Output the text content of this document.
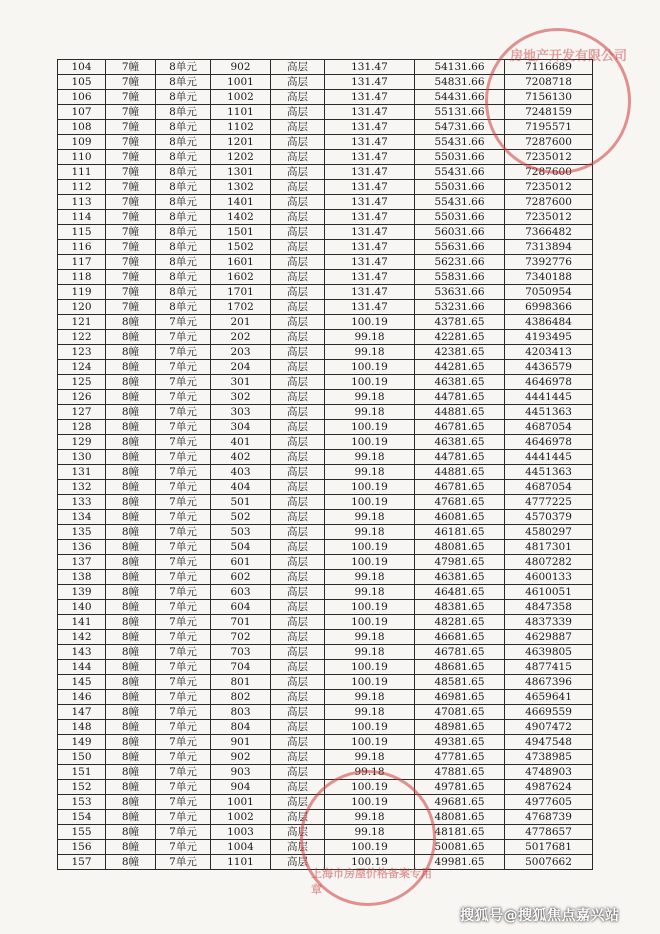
104	7幢	8单元	902	高层	131.47	54131.66	7116689
105	7幢	8单元	1001	高层	131.47	54831.66	7208718
106	7幢	8单元	1002	高层	131.47	54431.66	7156130
107	7幢	8单元	1101	高层	131.47	55131.66	7248159
108	7幢	8单元	1102	高层	131.47	54731.66	7195571
109	7幢	8单元	1201	高层	131.47	55431.66	7287600
110	7幢	8单元	1202	高层	131.47	55031.66	7235012
111	7幢	8单元	1301	高层	131.47	55431.66	7287600
112	7幢	8单元	1302	高层	131.47	55031.66	7235012
113	7幢	8单元	1401	高层	131.47	55431.66	7287600
114	7幢	8单元	1402	高层	131.47	55031.66	7235012
115	7幢	8单元	1501	高层	131.47	56031.66	7366482
116	7幢	8单元	1502	高层	131.47	55631.66	7313894
117	7幢	8单元	1601	高层	131.47	56231.66	7392776
118	7幢	8单元	1602	高层	131.47	55831.66	7340188
119	7幢	8单元	1701	高层	131.47	53631.66	7050954
120	7幢	8单元	1702	高层	131.47	53231.66	6998366
121	8幢	7单元	201	高层	100.19	43781.65	4386484
122	8幢	7单元	202	高层	99.18	42281.65	4193495
123	8幢	7单元	203	高层	99.18	42381.65	4203413
124	8幢	7单元	204	高层	100.19	44281.65	4436579
125	8幢	7单元	301	高层	100.19	46381.65	4646978
126	8幢	7单元	302	高层	99.18	44781.65	4441445
127	8幢	7单元	303	高层	99.18	44881.65	4451363
128	8幢	7单元	304	高层	100.19	46781.65	4687054
129	8幢	7单元	401	高层	100.19	46381.65	4646978
130	8幢	7单元	402	高层	99.18	44781.65	4441445
131	8幢	7单元	403	高层	99.18	44881.65	4451363
132	8幢	7单元	404	高层	100.19	46781.65	4687054
133	8幢	7单元	501	高层	100.19	47681.65	4777225
134	8幢	7单元	502	高层	99.18	46081.65	4570379
135	8幢	7单元	503	高层	99.18	46181.65	4580297
136	8幢	7单元	504	高层	100.19	48081.65	4817301
137	8幢	7单元	601	高层	100.19	47981.65	4807282
138	8幢	7单元	602	高层	99.18	46381.65	4600133
139	8幢	7单元	603	高层	99.18	46481.65	4610051
140	8幢	7单元	604	高层	100.19	48381.65	4847358
141	8幢	7单元	701	高层	100.19	48281.65	4837339
142	8幢	7单元	702	高层	99.18	46681.65	4629887
143	8幢	7单元	703	高层	99.18	46781.65	4639805
144	8幢	7单元	704	高层	100.19	48681.65	4877415
145	8幢	7单元	801	高层	100.19	48581.65	4867396
146	8幢	7单元	802	高层	99.18	46981.65	4659641
147	8幢	7单元	803	高层	99.18	47081.65	4669559
148	8幢	7单元	804	高层	100.19	48981.65	4907472
149	8幢	7单元	901	高层	100.19	49381.65	4947548
150	8幢	7单元	902	高层	99.18	47781.65	4738985
151	8幢	7单元	903	高层	99.18	47881.65	4748903
152	8幢	7单元	904	高层	100.19	49781.65	4987624
153	8幢	7单元	1001	高层	100.19	49681.65	4977605
154	8幢	7单元	1002	高层	99.18	48081.65	4768739
155	8幢	7单元	1003	高层	99.18	48181.65	4778657
156	8幢	7单元	1004	高层	100.19	50081.65	5017681
157	8幢	7单元	1101	高层	100.19	49981.65	5007662
房地产开发有限公司
上海市房屋价格备案专用章
搜狐号@搜狐焦点嘉兴站
